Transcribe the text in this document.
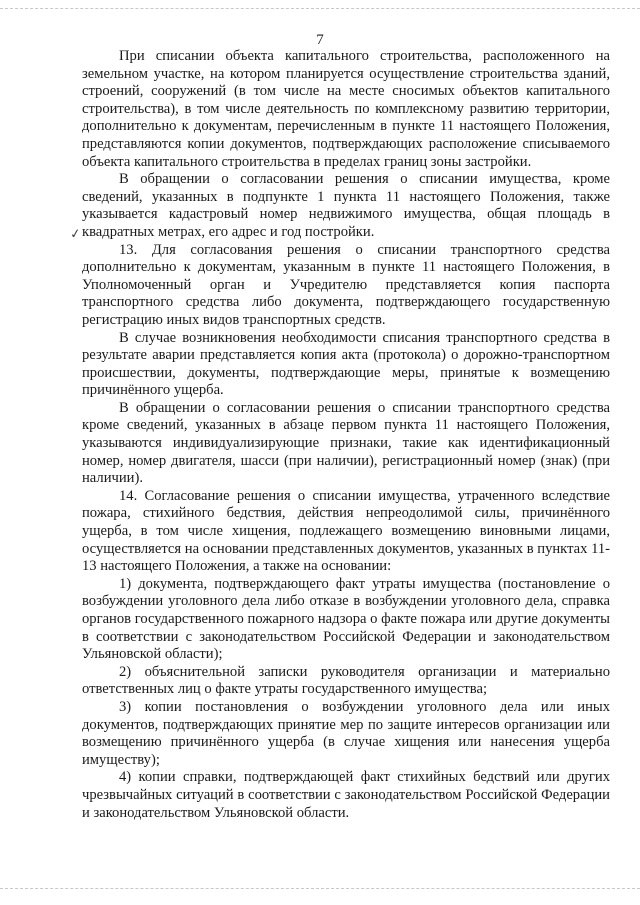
7
✓

При списании объекта капитального строительства, расположенного на земельном участке, на котором планируется осуществление строительства зданий, строений, сооружений (в том числе на месте сносимых объектов капитального строительства), в том числе деятельность по комплексному развитию территории, дополнительно к документам, перечисленным в пункте 11 настоящего Положения, представляются копии документов, подтверждающих расположение списываемого объекта капитального строительства в пределах границ зоны застройки.

В обращении о согласовании решения о списании имущества, кроме сведений, указанных в подпункте 1 пункта 11 настоящего Положения, также указывается кадастровый номер недвижимого имущества, общая площадь в квадратных метрах, его адрес и год постройки.

13. Для согласования решения о списании транспортного средства дополнительно к документам, указанным в пункте 11 настоящего Положения, в Уполномоченный орган и Учредителю представляется копия паспорта транспортного средства либо документа, подтверждающего государственную регистрацию иных видов транспортных средств.

В случае возникновения необходимости списания транспортного средства в результате аварии представляется копия акта (протокола) о дорожно-транспортном происшествии, документы, подтверждающие меры, принятые к возмещению причинённого ущерба.

В обращении о согласовании решения о списании транспортного средства кроме сведений, указанных в абзаце первом пункта 11 настоящего Положения, указываются индивидуализирующие признаки, такие как идентификационный номер, номер двигателя, шасси (при наличии), регистрационный номер (знак) (при наличии).

14. Согласование решения о списании имущества, утраченного вследствие пожара, стихийного бедствия, действия непреодолимой силы, причинённого ущерба, в том числе хищения, подлежащего возмещению виновными лицами, осуществляется на основании представленных документов, указанных в пунктах 11-13 настоящего Положения, а также на основании:

1) документа, подтверждающего факт утраты имущества (постановление о возбуждении уголовного дела либо отказе в возбуждении уголовного дела, справка органов государственного пожарного надзора о факте пожара или другие документы в соответствии с законодательством Российской Федерации и законодательством Ульяновской области);

2) объяснительной записки руководителя организации и материально ответственных лиц о факте утраты государственного имущества;

3) копии постановления о возбуждении уголовного дела или иных документов, подтверждающих принятие мер по защите интересов организации или возмещению причинённого ущерба (в случае хищения или нанесения ущерба имуществу);

4) копии справки, подтверждающей факт стихийных бедствий или других чрезвычайных ситуаций в соответствии с законодательством Российской Федерации и законодательством Ульяновской области.
